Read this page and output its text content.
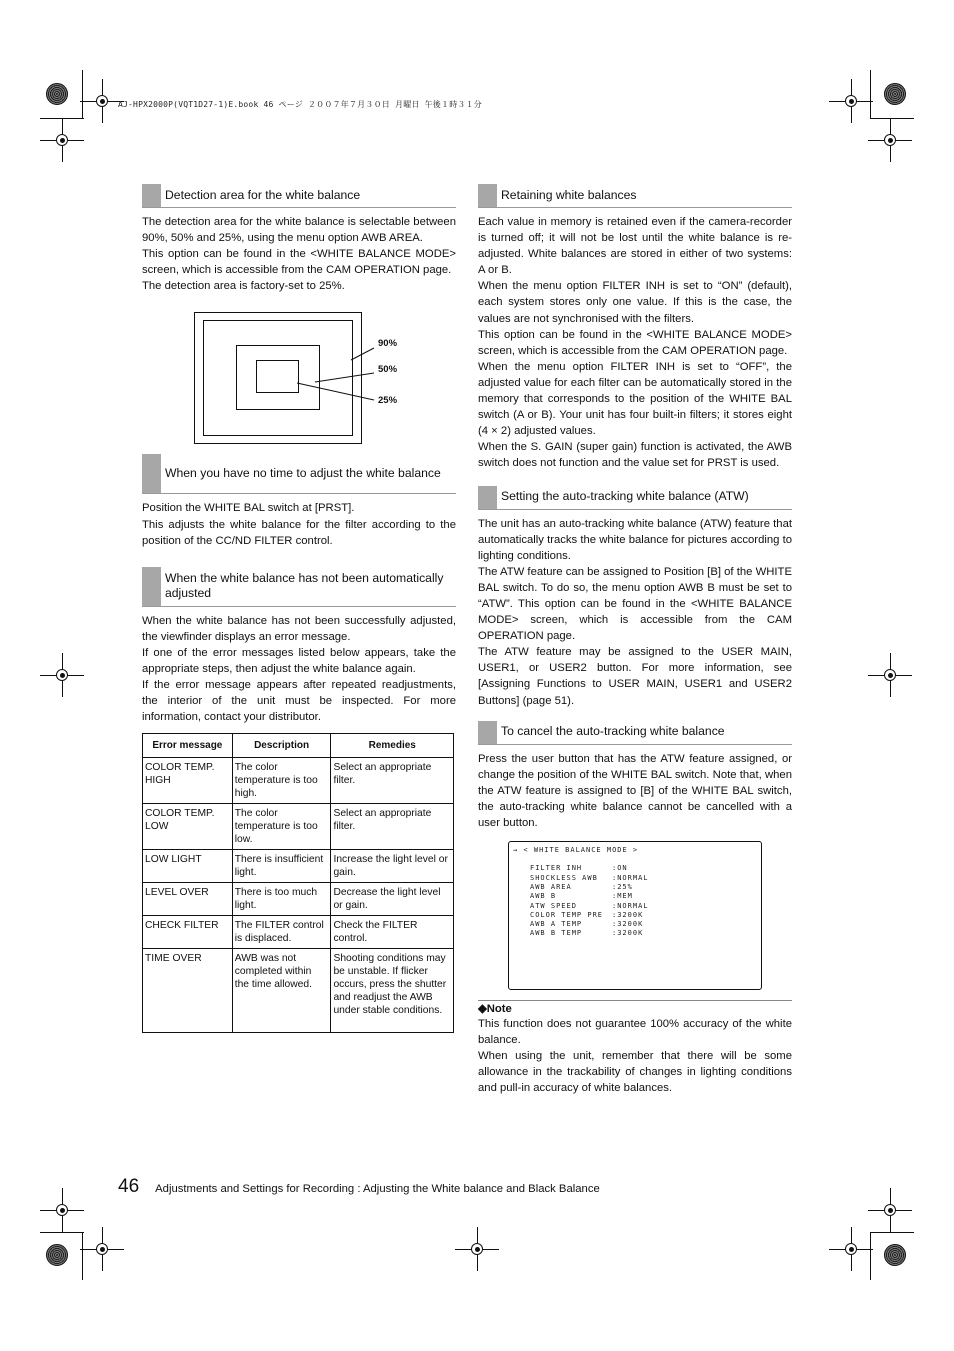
AJ-HPX2000P(VQT1D27-1)E.book 46 ページ ２００７年７月３０日 月曜日 午後１時３１分
Detection area for the white balance

The detection area for the white balance is selectable between 90%, 50% and 25%, using the menu option AWB AREA.

This option can be found in the <WHITE BALANCE MODE> screen, which is accessible from the CAM OPERATION page.

The detection area is factory-set to 25%.

90%
50%
25%
When you have no time to adjust the white balance

Position the WHITE BAL switch at [PRST].

This adjusts the white balance for the filter according to the position of the CC/ND FILTER control.

When the white balance has not been automatically adjusted

When the white balance has not been successfully adjusted, the viewfinder displays an error message.

If one of the error messages listed below appears, take the appropriate steps, then adjust the white balance again.

If the error message appears after repeated readjustments, the interior of the unit must be inspected. For more information, contact your distributor.

Error message	Description	Remedies
COLOR TEMP. HIGH	The color temperature is too high.	Select an appropriate filter.
COLOR TEMP. LOW	The color temperature is too low.	Select an appropriate filter.
LOW LIGHT	There is insufficient light.	Increase the light level or gain.
LEVEL OVER	There is too much light.	Decrease the light level or gain.
CHECK FILTER	The FILTER control is displaced.	Check the FILTER control.
TIME OVER	AWB was not completed within the time allowed.	Shooting conditions may be unstable. If flicker occurs, press the shutter and readjust the AWB under stable conditions.
Retaining white balances

Each value in memory is retained even if the camera-recorder is turned off; it will not be lost until the white balance is re-adjusted. White balances are stored in either of two systems: A or B.

When the menu option FILTER INH is set to “ON” (default), each system stores only one value. If this is the case, the values are not synchronised with the filters.

This option can be found in the <WHITE BALANCE MODE> screen, which is accessible from the CAM OPERATION page.

When the menu option FILTER INH is set to “OFF”, the adjusted value for each filter can be automatically stored in the memory that corresponds to the position of the WHITE BAL switch (A or B). Your unit has four built-in filters; it stores eight (4 × 2) adjusted values.

When the S. GAIN (super gain) function is activated, the AWB switch does not function and the value set for PRST is used.

Setting the auto-tracking white balance (ATW)

The unit has an auto-tracking white balance (ATW) feature that automatically tracks the white balance for pictures according to lighting conditions.

The ATW feature can be assigned to Position [B] of the WHITE BAL switch. To do so, the menu option AWB B must be set to “ATW”. This option can be found in the <WHITE BALANCE MODE> screen, which is accessible from the CAM OPERATION page.

The ATW feature may be assigned to the USER MAIN, USER1, or USER2 button. For more information, see [Assigning Functions to USER MAIN, USER1 and USER2 Buttons] (page 51).

To cancel the auto-tracking white balance

Press the user button that has the ATW feature assigned, or change the position of the WHITE BAL switch. Note that, when the ATW feature is assigned to [B] of the WHITE BAL switch, the auto-tracking white balance cannot be cancelled with a user button.

→ < WHITE BALANCE MODE >
FILTER INH	:ON
SHOCKLESS AWB	:NORMAL
AWB AREA	:25%
AWB B	:MEM
ATW SPEED	:NORMAL
COLOR TEMP PRE	:3200K
AWB A TEMP	:3200K
AWB B TEMP	:3200K
◆Note

This function does not guarantee 100% accuracy of the white balance.

When using the unit, remember that there will be some allowance in the trackability of changes in lighting conditions and pull-in accuracy of white balances.

46 Adjustments and Settings for Recording : Adjusting the White balance and Black Balance
